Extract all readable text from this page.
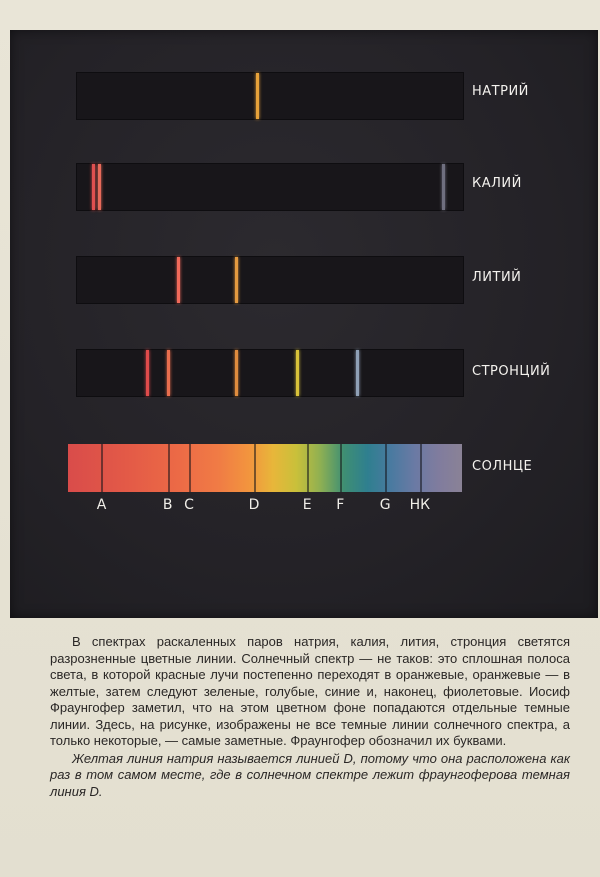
НАТРИЙ
КАЛИЙ
ЛИТИЙ
СТРОНЦИЙ
СОЛНЦЕ
A	B C	D	E F	G НК

В спектрах раскаленных паров натрия, калия, лития, стронция светятся разрозненные цветные линии. Солнечный спектр — не таков: это сплошная полоса света, в которой красные лучи постепенно переходят в оранжевые, оранжевые — в желтые, затем следуют зеленые, голубые, синие и, наконец, фиолетовые. Иосиф Фраунгофер заметил, что на этом цветном фоне попадаются отдельные темные линии. Здесь, на рисунке, изображены не все темные линии солнечного спектра, а только некоторые, — самые заметные. Фраунгофер обозначил их буквами.

Желтая линия натрия называется линией D, потому что она расположена как раз в том самом месте, где в солнечном спектре лежит фраунгоферова темная линия D.
